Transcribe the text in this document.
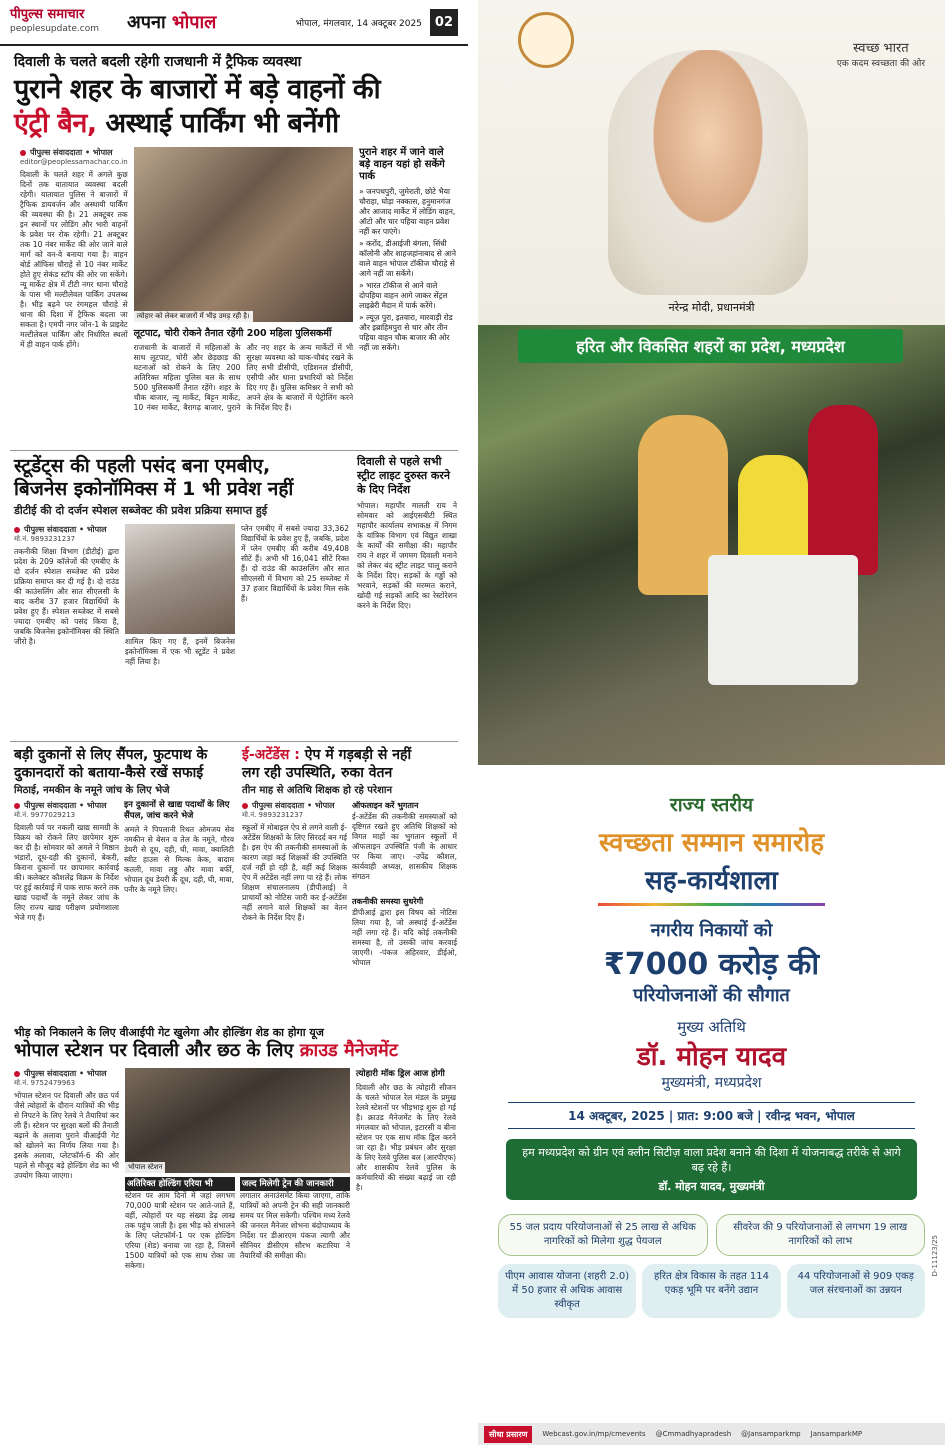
पीपुल्स समाचार
peoplesupdate.com अपना भोपाल	भोपाल, मंगलवार, 14 अक्टूबर 2025	02
दिवाली के चलते बदली रहेगी राजधानी में ट्रैफिक व्यवस्था
पुराने शहर के बाजारों में बड़े वाहनों की
एंट्री बैन, अस्थाई पार्किंग भी बनेंगी
पीपुल्स संवाददाता • भोपाल
editor@peoplessamachar.co.in

दिवाली के चलते शहर में अगले कुछ दिनों तक यातायात व्यवस्था बदली रहेगी। यातायात पुलिस ने बाजारों में ट्रैफिक डायवर्जन और अस्थायी पार्किंग की व्यवस्था की है। 21 अक्टूबर तक इन स्थानों पर लोडिंग और भारी वाहनों के प्रवेश पर रोक रहेगी। 21 अक्टूबर तक 10 नंबर मार्केट की ओर जाने वाले मार्ग को वन-वे बनाया गया है। वाहन बोर्ड ऑफिस चौराहे से 10 नंबर मार्केट होते हुए सेकंड स्टॉप की ओर जा सकेंगे। न्यू मार्केट क्षेत्र में टीटी नगर थाना चौराहे के पास भी मल्टीलेवल पार्किंग उपलब्ध है। भीड़ बढ़ने पर रंगमहल चौराहे से थाना की दिशा में ट्रैफिक बदला जा सकता है। एमपी नगर जोन-1 के प्राइवेट मल्टीलेवल पार्किंग और निर्धारित स्थलों में ही वाहन पार्क होंगे।

त्योहार को लेकर बाजारों में भीड़ उमड़ रही है।
लूटपाट, चोरी रोकने तैनात रहेंगी 200 महिला पुलिसकर्मी

राजधानी के बाजारों में महिलाओं के साथ लूटपाट, चोरी और छेड़छाड़ की घटनाओं को रोकने के लिए 200 अतिरिक्त महिला पुलिस बल के साथ 500 पुलिसकर्मी तैनात रहेंगे। शहर के चौक बाजार, न्यू मार्केट, बिट्टन मार्केट, 10 नंबर मार्केट, बैरागढ़ बाजार, पुराने और नए शहर के अन्य मार्केटों में भी सुरक्षा व्यवस्था को चाक-चौबंद रखने के लिए सभी डीसीपी, एडिशनल डीसीपी, एसीपी और थाना प्रभारियों को निर्देश दिए गए हैं। पुलिस कमिश्नर ने सभी को अपने क्षेत्र के बाजारों में पेट्रोलिंग करने के निर्देश दिए हैं।

पुराने शहर में जाने वाले बड़े वाहन यहां हो सकेंगे पार्क
» जनपथपुरी, जुमेराती, छोटे भैया चौराहा, घोड़ा नक्कास, हनुमानगंज और आजाद मार्केट में लोडिंग वाहन, ऑटो और चार पहिया वाहन प्रवेश नहीं कर पाएंगे।
» करोंद, डीआईजी बंगला, सिंधी कॉलोनी और शाहजहांनाबाद से आने वाले वाहन भोपाल टॉकीज चौराहे से आगे नहीं जा सकेंगे।
» भारत टॉकीज से आने वाले दोपहिया वाहन आगे जाकर सेंट्रल लाइब्रेरी मैदान में पार्क करेंगे।
» ल्यूज़ पुरा, इतवारा, मारवाड़ी रोड और इब्राहिमपुरा से चार और तीन पहिया वाहन चौक बाजार की ओर नहीं जा सकेंगे।
स्टूडेंट्स की पहली पसंद बना एमबीए,
बिजनेस इकोनॉमिक्स में 1 भी प्रवेश नहीं
डीटीई की दो दर्जन स्पेशल सब्जेक्ट की प्रवेश प्रक्रिया समाप्त हुई
पीपुल्स संवाददाता • भोपाल
मो.नं. 9893231237

तकनीकी शिक्षा विभाग (डीटीई) द्वारा प्रदेश के 209 कॉलेजों की एमबीए के दो दर्जन स्पेशल सब्जेक्ट की प्रवेश प्रक्रिया समाप्त कर दी गई है। दो राउंड की काउंसलिंग और सात सीएलसी के बाद करीब 37 हजार विद्यार्थियों के प्रवेश हुए हैं। स्पेशल सब्जेक्ट में सबसे ज्यादा एमबीए को पसंद किया है, जबकि बिजनेस इकोनॉमिक्स की स्थिति जीरो है।	शामिल किए गए हैं, इनमें बिजनेस इकोनॉमिक्स में एक भी स्टूडेंट ने प्रवेश नहीं लिया है।

प्लेन एमबीए में सबसे ज्यादा 33,362 विद्यार्थियों के प्रवेश हुए हैं, जबकि, प्रदेश में प्लेन एमबीए की करीब 49,408 सीटें हैं। अभी भी 16,041 सीटें रिक्त हैं। दो राउंड की काउंसलिंग और सात सीएलसी में विभाग को 25 सब्जेक्ट में 37 हजार विद्यार्थियों के प्रवेश मिल सके हैं।

दिवाली से पहले सभी स्ट्रीट लाइट दुरुस्त करने के दिए निर्देश

भोपाल। महापौर मालती राय ने सोमवार को आईएसबीटी स्थित महापौर कार्यालय सभाकक्ष में निगम के यांत्रिक विभाग एवं विद्युत शाखा के कार्यों की समीक्षा की। महापौर राय ने शहर में जगमग दिवाली मनाने को लेकर बंद स्ट्रीट लाइट चालू कराने के निर्देश दिए। सड़कों के गड्ढों को भरवाने, सड़कों की मरम्मत कराने, खोदी गई सड़कों आदि का रेस्टोरेशन करने के निर्देश दिए।

बड़ी दुकानों से लिए सैंपल, फुटपाथ के
दुकानदारों को बताया-कैसे रखें सफाई
मिठाई, नमकीन के नमूने जांच के लिए भेजे
पीपुल्स संवाददाता • भोपाल
मो.नं. 9977029213

दिवाली पर्व पर नकली खाद्य सामग्री के विक्रय को रोकने लिए छापेमार शुरू कर दी है। सोमवार को अमले ने मिष्ठान भंडारों, दूध-दही की दुकानों, बेकरी, किराना दुकानों पर छापामार कार्रवाई की। कलेक्टर कौशलेंद्र विक्रम के निर्देश पर हुई कार्रवाई में पाक साफ करने तक खाद्य पदार्थों के नमूने लेकर जांच के लिए राज्य खाद्य परीक्षण प्रयोगशाला भेजे गए हैं।

इन दुकानों से खाद्य पदार्थों के लिए सैंपल, जांच करने भेजे

अमले ने पिपलानी रिथत ओमजय सेव नमकीन से बेसन व तेल के नमूने, गौरव डेयरी से दूध, दही, घी, मावा, क्वालिटी स्वीट हाउस से मिल्क केक, बादाम कतली, मावा लड्डू और मावा बर्फी, भोपाल दूध डेयरी के दूध, दही, घी, मावा, पनीर के नमूने लिए।

ई-अटेंडेंस : ऐप में गड़बड़ी से नहीं
लग रही उपस्थिति, रुका वेतन
तीन माह से अतिथि शिक्षक हो रहे परेशान
पीपुल्स संवाददाता • भोपाल
मो.नं. 9893231237

स्कूलों में मोबाइल ऐप से लगने वाली ई-अटेंडेंस शिक्षकों के लिए सिरदर्द बन गई है। इस ऐप की तकनीकी समस्याओं के कारण जहां कई शिक्षकों की उपस्थिति दर्ज नहीं हो रही है, वहीं कई शिक्षक ऐप में अटेंडेंस नहीं लगा पा रहे हैं। लोक शिक्षण संचालनालय (डीपीआई) ने प्राचार्यों को नोटिस जारी कर ई-अटेंडेंस नहीं लगाने वाले शिक्षकों का वेतन रोकने के निर्देश दिए हैं।

ऑफलाइन करें भुगतान

ई-अटेंडेंस की तकनीकी समस्याओं को दृष्टिगत रखते हुए अतिथि शिक्षकों को विगत माहों का भुगतान स्कूलों में ऑफलाइन उपस्थिति पंजी के आधार पर किया जाए। -उपेंद्र कौशल, कार्यवाही अध्यक्ष, शासकीय शिक्षक संगठन

तकनीकी समस्या सुधरेगी

डीपीआई द्वारा इस विषय को नोटिस लिया गया है, जो अस्थाई ई-अटेंडेंस नहीं लगा रहे हैं। यदि कोई तकनीकी समस्या है, तो उसकी जांच करवाई जाएगी। -पंकज अहिरवार, डीईओ, भोपाल

भीड़ को निकालने के लिए वीआईपी गेट खुलेगा और होल्डिंग शेड का होगा यूज
भोपाल स्टेशन पर दिवाली और छठ के लिए क्राउड मैनेजमेंट
पीपुल्स संवाददाता • भोपाल
मो.नं. 9752479963

भोपाल स्टेशन पर दिवाली और छठ पर्व जैसे त्योहारों के दौरान यात्रियों की भीड़ से निपटने के लिए रेलवे ने तैयारियां कर ली हैं। स्टेशन पर सुरक्षा बलों की तैनाती बढ़ाने के अलावा पुराने वीआईपी गेट को खोलने का निर्णय लिया गया है। इसके अलावा, प्लेटफॉर्म-6 की ओर पहले से मौजूद बड़े होल्डिंग शेड का भी उपयोग किया जाएगा।

भोपाल स्टेशन
अतिरिक्त होल्डिंग एरिया भी

स्टेशन पर आम दिनों में जहां लगभग 70,000 यात्री स्टेशन पर आते-जाते हैं, वहीं, त्योहारों पर यह संख्या डेढ़ लाख तक पहुंच जाती है। इस भीड़ को संभालने के लिए प्लेटफॉर्म-1 पर एक होल्डिंग एरिया (शेड) बनाया जा रहा है, जिसमें 1500 यात्रियों को एक साथ रोका जा सकेगा।

जल्द मिलेगी ट्रेन की जानकारी

लगातार अनाउंसमेंट किया जाएगा, ताकि यात्रियों को अपनी ट्रेन की सही जानकारी समय पर मिल सकेगी। पश्चिम मध्य रेलवे की जनरल मैनेजर शोभना बंदोपाध्याय के निर्देश पर डीआरएम पंकज त्यागी और सीनियर डीसीएम सौरभ कटारिया ने तैयारियों की समीक्षा की।

त्योहारी मॉक ड्रिल आज होगी

दिवाली और छठ के त्योहारी सीजन के चलते भोपाल रेल मंडल के प्रमुख रेलवे स्टेशनों पर भीड़भाड़ शुरू हो गई है। क्राउड मैनेजमेंट के लिए रेलवे मंगलवार को भोपाल, इटारसी व बीना स्टेशन पर एक साथ मॉक ड्रिल करने जा रहा है। भीड़ प्रबंधन और सुरक्षा के लिए रेलवे पुलिस बल (आरपीएफ) और शासकीय रेलवे पुलिस के कर्मचारियों की संख्या बढ़ाई जा रही है।

स्वच्छ भारत
एक कदम स्वच्छता की ओर
नरेन्द्र मोदी, प्रधानमंत्री
हरित और विकसित शहरों का प्रदेश, मध्यप्रदेश
राज्य स्तरीय
स्वच्छता सम्मान समारोह
सह-कार्यशाला
नगरीय निकायों को
₹7000 करोड़ की
परियोजनाओं की सौगात
मुख्य अतिथि
डॉ. मोहन यादव
मुख्यमंत्री, मध्यप्रदेश
14 अक्टूबर, 2025 | प्रात: 9:00 बजे | रवीन्द्र भवन, भोपाल
हम मध्यप्रदेश को ग्रीन एवं क्लीन सिटीज़ वाला प्रदेश बनाने की दिशा में योजनाबद्ध तरीके से आगे बढ़ रहे हैं।
डॉ. मोहन यादव, मुख्यमंत्री
55 जल प्रदाय परियोजनाओं से 25 लाख से अधिक नागरिकों को मिलेगा शुद्ध पेयजल
सीवरेज की 9 परियोजनाओं से लगभग 19 लाख नागरिकों को लाभ
पीएम आवास योजना (शहरी 2.0) में 50 हजार से अधिक आवास स्वीकृत
हरित क्षेत्र विकास के तहत 114 एकड़ भूमि पर बनेंगे उद्यान
44 परियोजनाओं से 909 एकड़ जल संरचनाओं का उन्नयन
D-11123/25
सीधा प्रसारण	Webcast.gov.in/mp/cmevents @Cmmadhyapradesh @Jansamparkmp JansamparkMP
